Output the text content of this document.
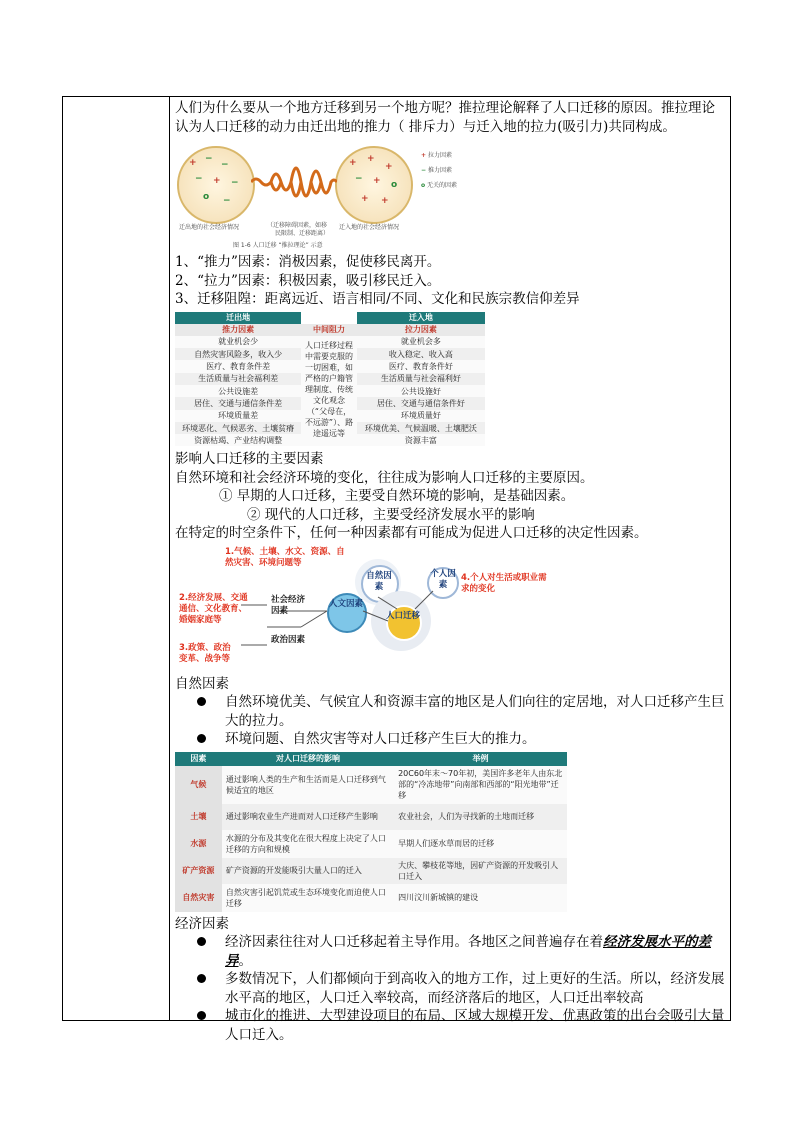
人们为什么要从一个地方迁移到另一个地方呢？推拉理论解释了人口迁移的原因。推拉理论认为人口迁移的动力由迁出地的推力（ 排斥力）与迁入地的拉力(吸引力)共同构成。

+ −
−
− + −
o −
+ +
+
− + o
+ +
迁出地的社会经济情况	（迁移障碍因素，如移
民限制、迁移距离）
迁入地的社会经济情况
+ 拉力因素
− 推力因素
o 无关的因素
图 1-6 人口迁移 “推拉理论” 示意

1、“推力”因素：消极因素，促使移民离开。

2、“拉力”因素：积极因素，吸引移民迁入。

3、迁移阻隍：距离远近、语言相同/不同、文化和民族宗教信仰差异

迁出地		迁入地
推力因素	中间阻力	拉力因素
就业机会少	人口迁移过程中需要克服的一切困难，如严格的户籍管理制度、传统文化观念（“父母在，不远游”）、路途遥远等	就业机会多
自然灾害风险多，收入少		收入稳定、收入高
医疗、教育条件差		医疗、教育条件好
生活质量与社会福利差		生活质量与社会福利好
公共设施差		公共设施好
居住、交通与通信条件差		居住、交通与通信条件好
环境质量差		环境质量好
环境恶化、气候恶劣、土壤贫瘠		环境优美、气候温暖、土壤肥沃
资源枯竭、产业结构调整		资源丰富

影响人口迁移的主要因素

自然环境和社会经济环境的变化，往往成为影响人口迁移的主要原因。

① 早期的人口迁移，主要受自然环境的影响，是基础因素。

② 现代的人口迁移，主要受经济发展水平的影响

在特定的时空条件下，任何一种因素都有可能成为促进人口迁移的决定性因素。

自然因素
人口迁移
个人因素
人文因素
1.气候、土壤、水文、资源、自然灾害、环境问题等
4.个人对生活或职业需求的变化
2.经济发展、交通通信、文化教育、婚姻家庭等
3.政策、政治变革、战争等
社会经济因素
政治因素

自然因素

自然环境优美、气候宜人和资源丰富的地区是人们向往的定居地，对人口迁移产生巨大的拉力。

环境问题、自然灾害等对人口迁移产生巨大的推力。

因素	对人口迁移的影响	举例
气候	通过影响人类的生产和生活而是人口迁移到气候适宜的地区	20C60年末～70年初，美国许多老年人由东北部的“冷冻地带”向南部和西部的“阳光地带”迁移
土壤	通过影响农业生产进而对人口迁移产生影响	农业社会，人们为寻找新的土地而迁移
水源	水源的分布及其变化在很大程度上决定了人口迁移的方向和规模	早期人们逐水草而居的迁移
矿产资源	矿产资源的开发能吸引大量人口的迁入	大庆、攀枝花等地，因矿产资源的开发吸引人口迁入
自然灾害	自然灾害引起饥荒或生态环境变化而迫使人口迁移	四川汶川新城镇的建设

经济因素

经济因素往往对人口迁移起着主导作用。各地区之间普遍存在着经济发展水平的差异。

多数情况下，人们都倾向于到高收入的地方工作，过上更好的生活。所以，经济发展水平高的地区，人口迁入率较高，而经济落后的地区，人口迁出率较高

城市化的推进、大型建设项目的布局、区域大规模开发、优惠政策的出台会吸引大量人口迁入。
